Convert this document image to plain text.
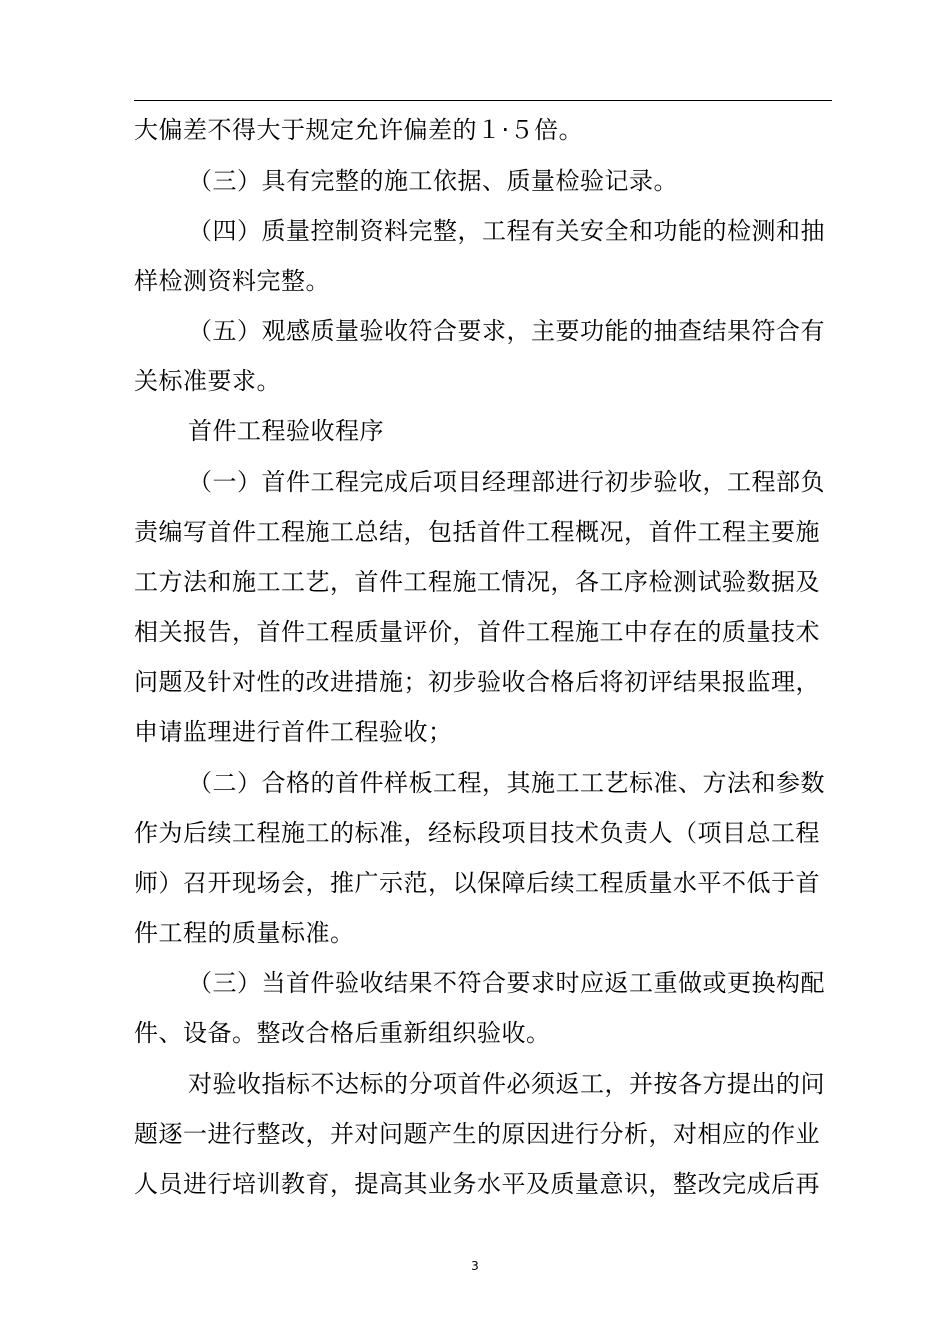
大偏差不得大于规定允许偏差的１·５倍。
（三）具有完整的施工依据、质量检验记录。
（四）质量控制资料完整，工程有关安全和功能的检测和抽
样检测资料完整。
（五）观感质量验收符合要求，主要功能的抽查结果符合有
关标准要求。
首件工程验收程序
（一）首件工程完成后项目经理部进行初步验收，工程部负
责编写首件工程施工总结，包括首件工程概况，首件工程主要施
工方法和施工工艺，首件工程施工情况，各工序检测试验数据及
相关报告，首件工程质量评价，首件工程施工中存在的质量技术
问题及针对性的改进措施；初步验收合格后将初评结果报监理，
申请监理进行首件工程验收；
（二）合格的首件样板工程，其施工工艺标准、方法和参数
作为后续工程施工的标准，经标段项目技术负责人（项目总工程
师）召开现场会，推广示范，以保障后续工程质量水平不低于首
件工程的质量标准。
（三）当首件验收结果不符合要求时应返工重做或更换构配
件、设备。整改合格后重新组织验收。
对验收指标不达标的分项首件必须返工，并按各方提出的问
题逐一进行整改，并对问题产生的原因进行分析，对相应的作业
人员进行培训教育，提高其业务水平及质量意识，整改完成后再
3
